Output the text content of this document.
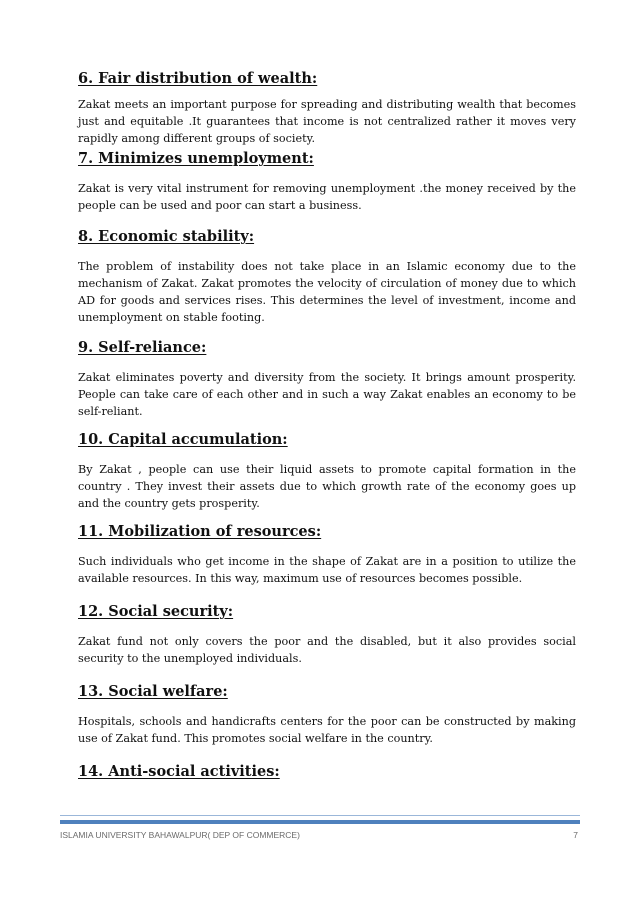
6. Fair distribution of wealth:

Zakat meets an important purpose for spreading and distributing wealth that becomes just and equitable .It guarantees that income is not centralized rather it moves very rapidly among different groups of society.

7. Minimizes unemployment:

Zakat is very vital instrument for removing unemployment .the money received by the people can be used and poor can start a business.

8. Economic stability:

The problem of instability does not take place in an Islamic economy due to the mechanism of Zakat. Zakat promotes the velocity of circulation of money due to which AD for goods and services rises. This determines the level of investment, income and unemployment on stable footing.

9. Self-reliance:

Zakat eliminates poverty and diversity from the society. It brings amount prosperity. People can take care of each other and in such a way Zakat enables an economy to be self-reliant.

10. Capital accumulation:

By Zakat , people can use their liquid assets to promote capital formation in the country . They invest their assets due to which growth rate of the economy goes up and the country gets prosperity.

11. Mobilization of resources:

Such individuals who get income in the shape of Zakat are in a position to utilize the available resources. In this way, maximum use of resources becomes possible.

12. Social security:

Zakat fund not only covers the poor and the disabled, but it also provides social security to the unemployed individuals.

13. Social welfare:

Hospitals, schools and handicrafts centers for the poor can be constructed by making use of Zakat fund. This promotes social welfare in the country.

14. Anti-social activities:
ISLAMIA UNIVERSITY BAHAWALPUR( DEP OF COMMERCE)	7
